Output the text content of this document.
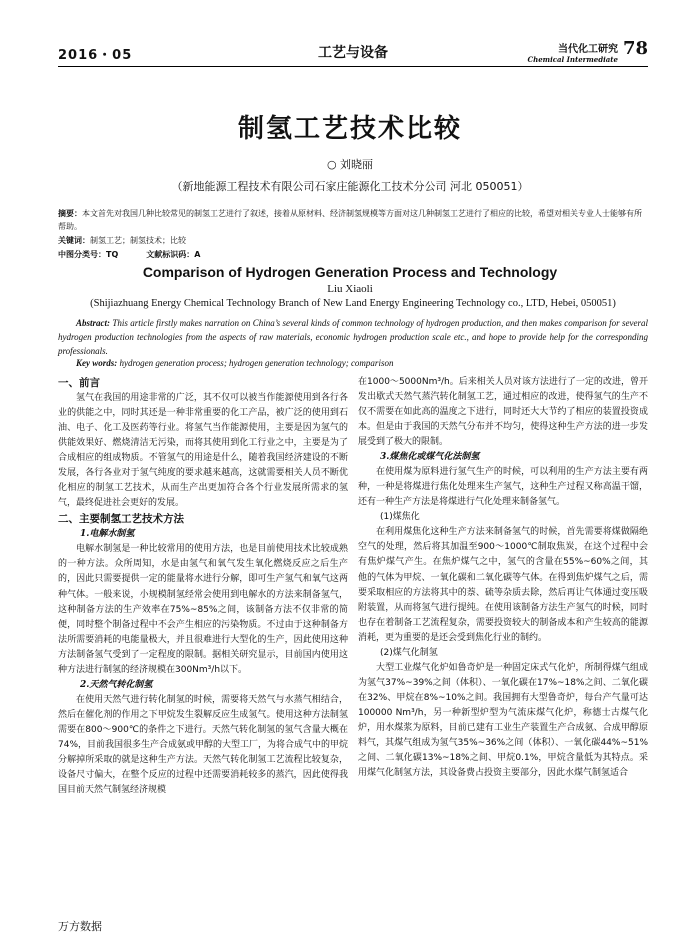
2016・05	工艺与设备	当代化工研究
Chemical Intermediate
78
制氢工艺技术比较
○ 刘晓丽
（新地能源工程技术有限公司石家庄能源化工技术分公司 河北 050051）
摘要：本文首先对我国几种比较常见的制氢工艺进行了叙述，接着从原材料、经济制氢规模等方面对这几种制氢工艺进行了相应的比较，希望对相关专业人士能够有所帮助。
关键词：制氢工艺；制氢技术；比较
中图分类号：TQ	文献标识码：A
Comparison of Hydrogen Generation Process and Technology
Liu Xiaoli
(Shijiazhuang Energy Chemical Technology Branch of New Land Energy Engineering Technology co., LTD, Hebei, 050051)
Abstract: This article firstly makes narration on China’s several kinds of common technology of hydrogen production, and then makes comparison for several hydrogen production technologies from the aspects of raw materials, economic hydrogen production scale etc., and hope to provide help for the corresponding professionals.
Key words: hydrogen generation process; hydrogen generation technology; comparison
一、前言

氢气在我国的用途非常的广泛，其不仅可以被当作能源使用到各行各业的供能之中，同时其还是一种非常重要的化工产品，被广泛的使用到石油、电子、化工及医药等行业。将氢气当作能源使用，主要是因为氢气的供能效果好、燃烧清洁无污染，而将其使用到化工行业之中，主要是为了合成相应的组成物质。不管氢气的用途是什么，随着我国经济建设的不断发展，各行各业对于氢气纯度的要求越来越高，这就需要相关人员不断优化相应的制氢工艺技术，从而生产出更加符合各个行业发展所需求的氢气，最终促进社会更好的发展。

二、主要制氢工艺技术方法
1.电解水制氢

电解水制氢是一种比较常用的使用方法，也是目前使用技术比较成熟的一种方法。众所周知，水是由氢气和氧气发生氧化燃烧反应之后生产的，因此只需要提供一定的能量将水进行分解，即可生产氢气和氧气这两种气体。一般来说，小规模制氢经常会使用到电解水的方法来制备氢气，这种制备方法的生产效率在75%~85%之间，该制备方法不仅非常的简便，同时整个制备过程中不会产生相应的污染物质。不过由于这种制备方法所需要消耗的电能量极大，并且很难进行大型化的生产，因此使用这种方法制备氢气受到了一定程度的限制。据相关研究显示，目前国内使用这种方法进行制氢的经济规模在300Nm³/h以下。

2.天然气转化制氢

在使用天然气进行转化制氢的时候，需要将天然气与水蒸气相结合，然后在催化剂的作用之下甲烷发生裂解反应生成氢气。使用这种方法制氢需要在800～900℃的条件之下进行。天然气转化制氢的氢气含量大概在74%，目前我国很多生产合成氨或甲醇的大型工厂，为将合成气中的甲烷分解掉所采取的就是这种生产方法。天然气转化制氢工艺流程比较复杂，设备尺寸偏大，在整个反应的过程中还需要消耗较多的蒸汽，因此使得我国目前天然气制氢经济规模

在1000～5000Nm³/h。后来相关人员对该方法进行了一定的改进，曾开发出歇式天然气蒸汽转化制氢工艺，通过相应的改进，使得氢气的生产不仅不需要在如此高的温度之下进行，同时还大大节约了相应的装置投资成本。但是由于我国的天然气分布并不均匀，使得这种生产方法的进一步发展受到了极大的限制。

3.煤焦化或煤气化法制氢

在使用煤为原料进行氢气生产的时候，可以利用的生产方法主要有两种，一种是将煤进行焦化处理来生产氢气，这种生产过程又称高温干馏，还有一种生产方法是将煤进行气化处理来制备氢气。

(1)煤焦化

在利用煤焦化这种生产方法来制备氢气的时候，首先需要将煤做隔绝空气的处理，然后将其加温至900～1000℃制取焦炭，在这个过程中会有焦炉煤气产生。在焦炉煤气之中，氢气的含量在55%~60%之间，其他的气体为甲烷、一氧化碳和二氧化碳等气体。在得到焦炉煤气之后，需要采取相应的方法将其中的萘、硫等杂质去除，然后再让气体通过变压吸附装置，从而将氢气进行提纯。在使用该制备方法生产氢气的时候，同时也存在着制备工艺流程复杂，需要投资较大的制备成本和产生较高的能源消耗，更为重要的是还会受到焦化行业的制约。

(2)煤气化制氢

大型工业煤气化炉如鲁奇炉是一种固定床式气化炉，所制得煤气组成为氢气37%~39%之间（体积）、一氧化碳在17%~18%之间、二氧化碳在32%、甲烷在8%~10%之间。我国拥有大型鲁奇炉，每台产气量可达100000 Nm³/h，另一种新型炉型为气流床煤气化炉，称德士古煤气化炉，用水煤浆为原料，目前已建有工业生产装置生产合成氨、合成甲醇原料气，其煤气组成为氢气35%~36%之间（体积）、一氧化碳44%~51%之间、二氧化碳13%~18%之间、甲烷0.1%，甲烷含量低为其特点。采用煤气化制氢方法，其设备费占投资主要部分，因此水煤气制氢适合

万方数据
